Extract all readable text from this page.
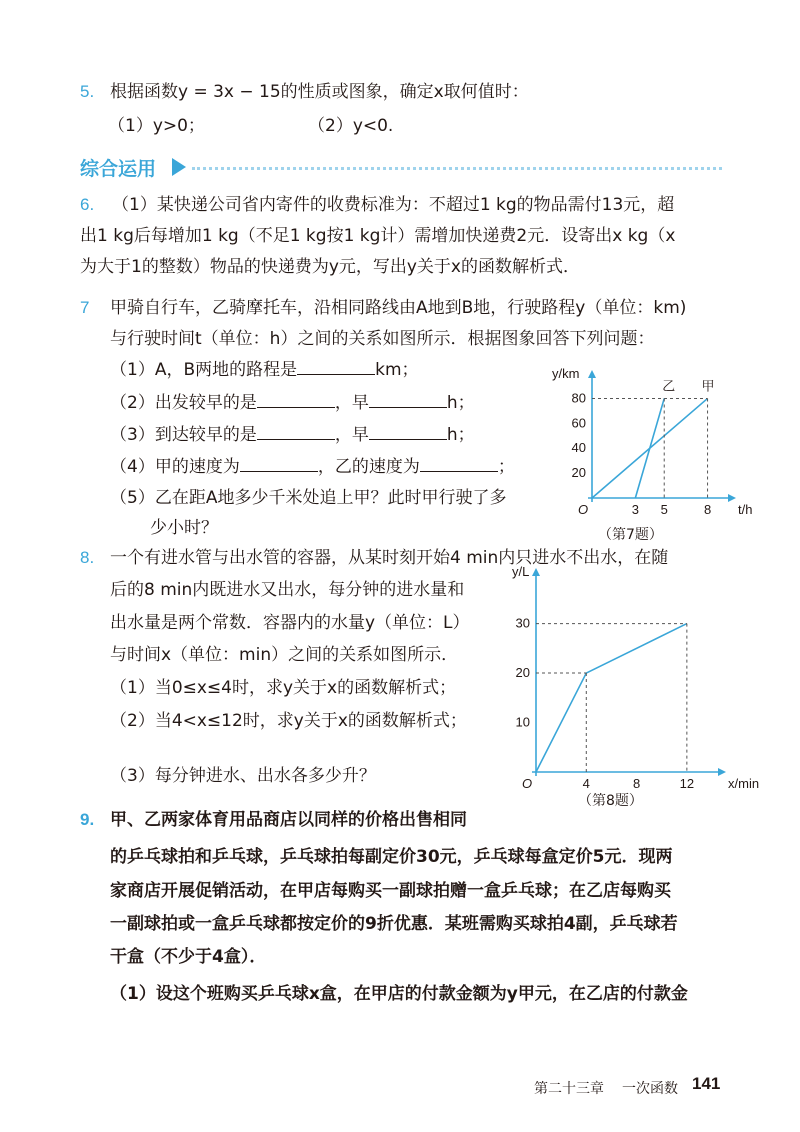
5. 根据函数y = 3x − 15的性质或图象，确定x取何值时：
（1）y>0；	（2）y<0.
综合运用
6. （1）某快递公司省内寄件的收费标准为：不超过1 kg的物品需付13元，超
出1 kg后每增加1 kg（不足1 kg按1 kg计）需增加快递费2元．设寄出x kg（x
为大于1的整数）物品的快递费为y元，写出y关于x的函数解析式．
7 甲骑自行车，乙骑摩托车，沿相同路线由A地到B地，行驶路程y（单位：km)
与行驶时间t（单位：h）之间的关系如图所示．根据图象回答下列问题：
（1）A，B两地的路程是	km；
（2）出发较早的是	，早	h；
（3）到达较早的是	，早	h；
（4）甲的速度为	，乙的速度为	；
（5）乙在距A地多少千米处追上甲？此时甲行驶了多
少小时？
t/h
y/km
O	3 5	8
20
40
60
80
甲
乙
（第7题）
8. 一个有进水管与出水管的容器，从某时刻开始4 min内只进水不出水，在随
后的8 min内既进水又出水，每分钟的进水量和
出水量是两个常数．容器内的水量y（单位：L）
与时间x（单位：min）之间的关系如图所示．
（1）当0≤x≤4时，求y关于x的函数解析式；
（2）当4<x≤12时，求y关于x的函数解析式；
（3）每分钟进水、出水各多少升？	x/min
y/L
O	4	8	12
10
20
30
（第8题）
9. 甲、乙两家体育用品商店以同样的价格出售相同
的乒乓球拍和乒乓球，乒乓球拍每副定价30元，乒乓球每盒定价5元．现两
家商店开展促销活动，在甲店每购买一副球拍赠一盒乒乓球；在乙店每购买
一副球拍或一盒乒乓球都按定价的9折优惠．某班需购买球拍4副，乒乓球若
干盒（不少于4盒）．
（1）设这个班购买乒乓球x盒，在甲店的付款金额为y甲元，在乙店的付款金
第二十三章 一次函数 141
